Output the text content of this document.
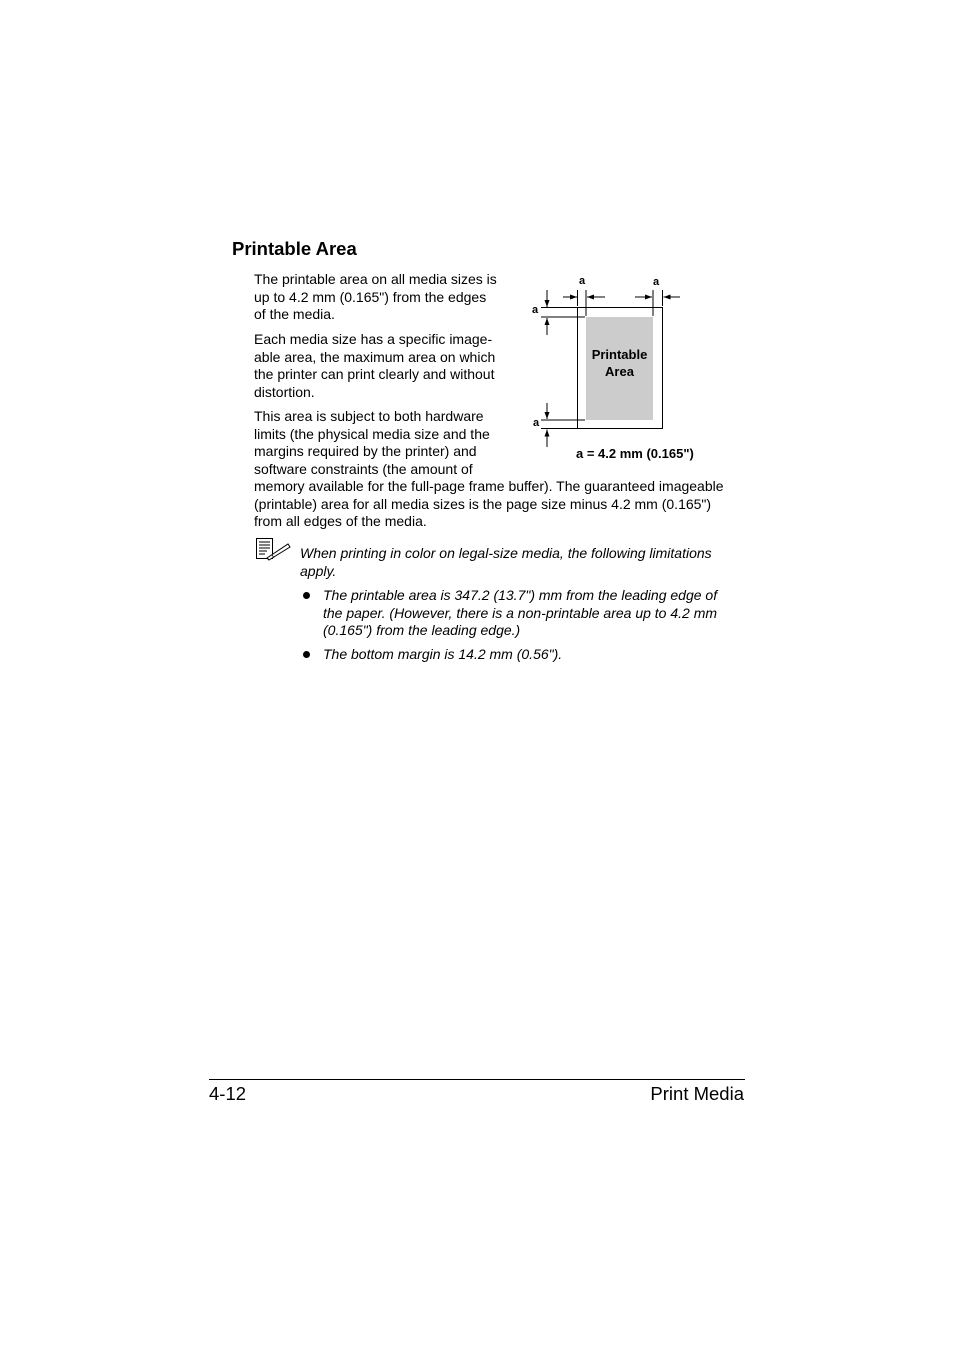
Printable Area

The printable area on all media sizes is

up to 4.2 mm (0.165") from the edges

of the media.

Each media size has a specific image-

able area, the maximum area on which

the printer can print clearly and without

distortion.

This area is subject to both hardware

limits (the physical media size and the

margins required by the printer) and

software constraints (the amount of

memory available for the full-page frame buffer). The guaranteed imageable

(printable) area for all media sizes is the page size minus 4.2 mm (0.165")

from all edges of the media.

a	a
a
a
Printable
Area
a = 4.2 mm (0.165")

When printing in color on legal-size media, the following limitations

apply.

The printable area is 347.2 (13.7") mm from the leading edge of

the paper. (However, there is a non-printable area up to 4.2 mm

(0.165") from the leading edge.)

The bottom margin is 14.2 mm (0.56").

4-12	Print Media
